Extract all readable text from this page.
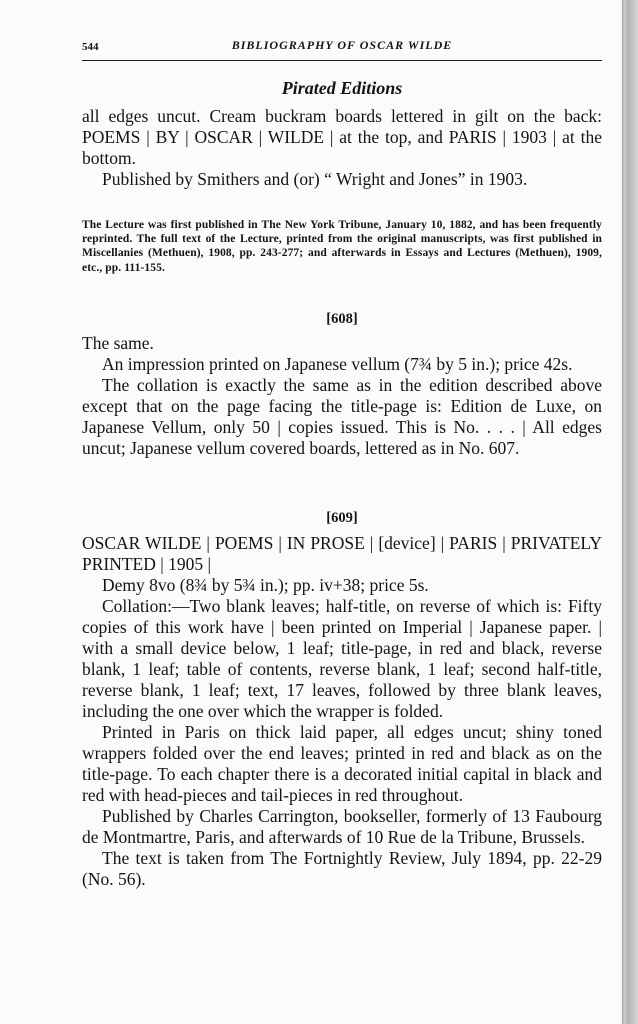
544	BIBLIOGRAPHY OF OSCAR WILDE
Pirated Editions

all edges uncut. Cream buckram boards lettered in gilt on the back: POEMS | BY | OSCAR | WILDE | at the top, and PARIS | 1903 | at the bottom.

Published by Smithers and (or) “ Wright and Jones” in 1903.

The Lecture was first published in The New York Tribune, January 10, 1882, and has been frequently reprinted. The full text of the Lecture, printed from the original manuscripts, was first published in Miscellanies (Methuen), 1908, pp. 243-277; and afterwards in Essays and Lectures (Methuen), 1909, etc., pp. 111-155.
[608]

The same.

An impression printed on Japanese vellum (7¾ by 5 in.); price 42s.

The collation is exactly the same as in the edition described above except that on the page facing the title-page is: Edition de Luxe, on Japanese Vellum, only 50 | copies issued. This is No. . . . | All edges uncut; Japanese vellum covered boards, lettered as in No. 607.

[609]

OSCAR WILDE | POEMS | IN PROSE | [device] | PARIS | PRIVATELY PRINTED | 1905 |

Demy 8vo (8¾ by 5¾ in.); pp. iv+38; price 5s.

Collation:—Two blank leaves; half-title, on reverse of which is: Fifty copies of this work have | been printed on Imperial | Japanese paper. | with a small device below, 1 leaf; title-page, in red and black, reverse blank, 1 leaf; table of contents, reverse blank, 1 leaf; second half-title, reverse blank, 1 leaf; text, 17 leaves, followed by three blank leaves, including the one over which the wrapper is folded.

Printed in Paris on thick laid paper, all edges uncut; shiny toned wrappers folded over the end leaves; printed in red and black as on the title-page. To each chapter there is a decorated initial capital in black and red with head-pieces and tail-pieces in red throughout.

Published by Charles Carrington, bookseller, formerly of 13 Faubourg de Montmartre, Paris, and afterwards of 10 Rue de la Tribune, Brussels.

The text is taken from The Fortnightly Review, July 1894, pp. 22-29 (No. 56).
